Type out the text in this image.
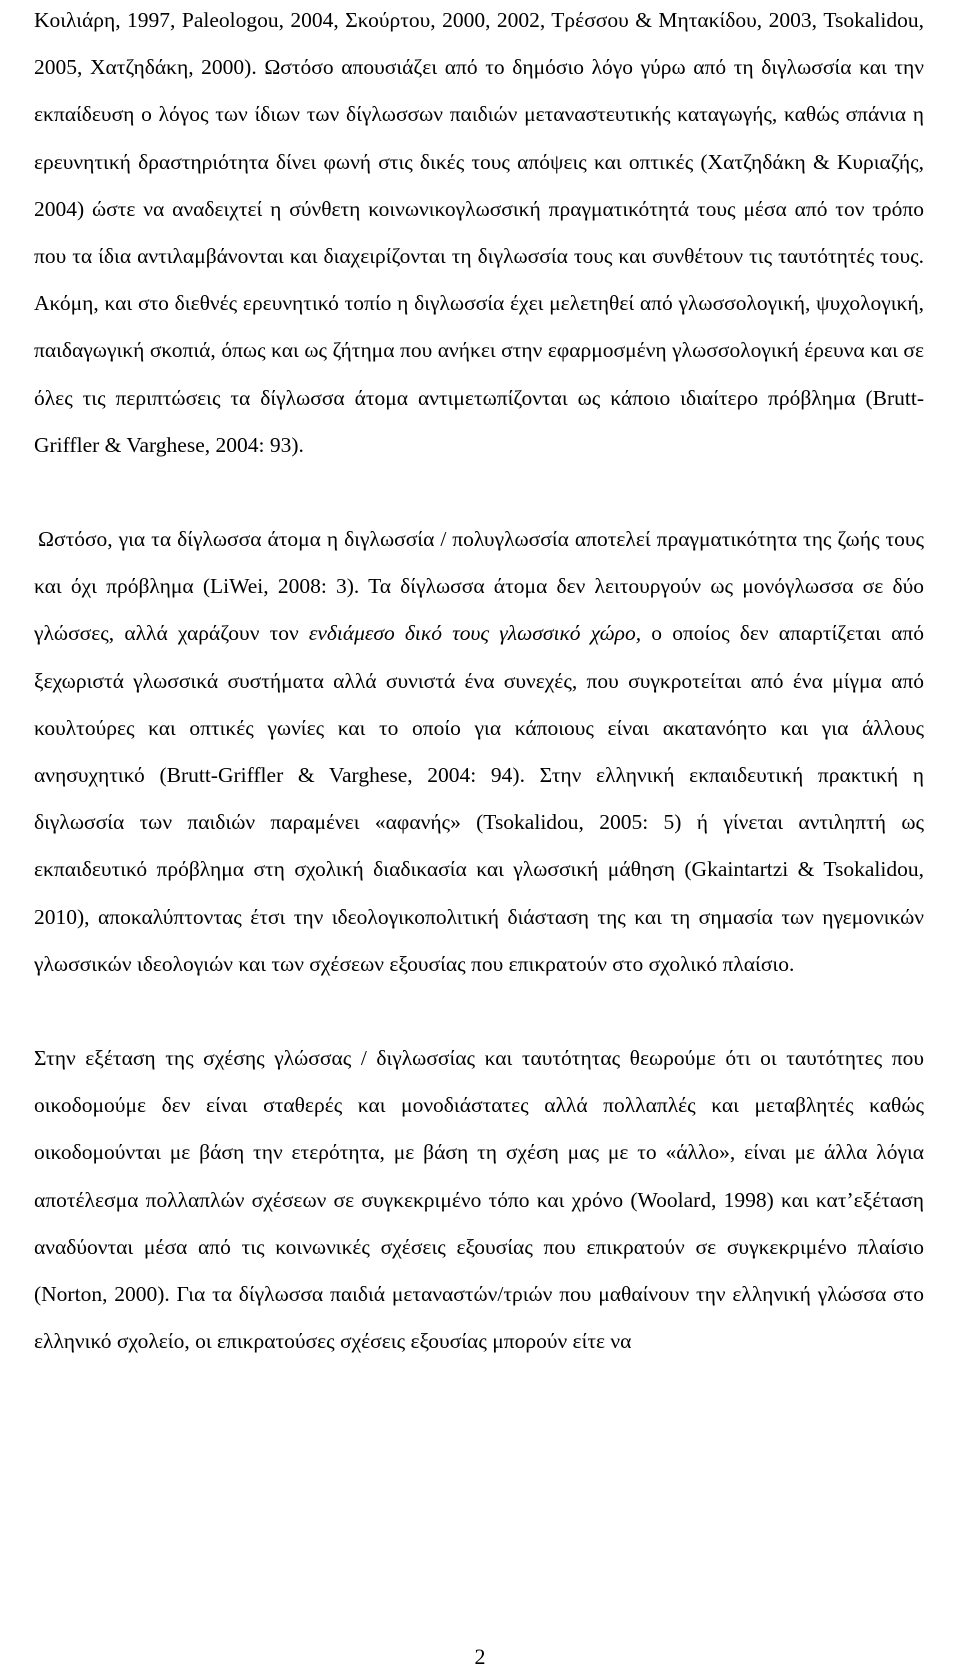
Κοιλιάρη, 1997, Paleologou, 2004, Σκούρτου, 2000, 2002, Τρέσσου & Μητακίδου, 2003, Tsokalidou, 2005, Χατζηδάκη, 2000). Ωστόσο απουσιάζει από το δημόσιο λόγο γύρω από τη διγλωσσία και την εκπαίδευση ο λόγος των ίδιων των δίγλωσσων παιδιών μεταναστευτικής καταγωγής, καθώς σπάνια η ερευνητική δραστηριότητα δίνει φωνή στις δικές τους απόψεις και οπτικές (Χατζηδάκη & Κυριαζής, 2004) ώστε να αναδειχτεί η σύνθετη κοινωνικογλωσσική πραγματικότητά τους μέσα από τον τρόπο που τα ίδια αντιλαμβάνονται και διαχειρίζονται τη διγλωσσία τους και συνθέτουν τις ταυτότητές τους. Ακόμη, και στο διεθνές ερευνητικό τοπίο η διγλωσσία έχει μελετηθεί από γλωσσολογική, ψυχολογική, παιδαγωγική σκοπιά, όπως και ως ζήτημα που ανήκει στην εφαρμοσμένη γλωσσολογική έρευνα και σε όλες τις περιπτώσεις τα δίγλωσσα άτομα αντιμετωπίζονται ως κάποιο ιδιαίτερο πρόβλημα (Brutt-Griffler & Varghese, 2004: 93).

Ωστόσο, για τα δίγλωσσα άτομα η διγλωσσία / πολυγλωσσία αποτελεί πραγματικότητα της ζωής τους και όχι πρόβλημα (LiWei, 2008: 3). Τα δίγλωσσα άτομα δεν λειτουργούν ως μονόγλωσσα σε δύο γλώσσες, αλλά χαράζουν τον ενδιάμεσο δικό τους γλωσσικό χώρο, ο οποίος δεν απαρτίζεται από ξεχωριστά γλωσσικά συστήματα αλλά συνιστά ένα συνεχές, που συγκροτείται από ένα μίγμα από κουλτούρες και οπτικές γωνίες και το οποίο για κάποιους είναι ακατανόητο και για άλλους ανησυχητικό (Brutt-Griffler & Varghese, 2004: 94). Στην ελληνική εκπαιδευτική πρακτική η διγλωσσία των παιδιών παραμένει «αφανής» (Tsokalidou, 2005: 5) ή γίνεται αντιληπτή ως εκπαιδευτικό πρόβλημα στη σχολική διαδικασία και γλωσσική μάθηση (Gkaintartzi & Tsokalidou, 2010), αποκαλύπτοντας έτσι την ιδεολογικοπολιτική διάσταση της και τη σημασία των ηγεμονικών γλωσσικών ιδεολογιών και των σχέσεων εξουσίας που επικρατούν στο σχολικό πλαίσιο.

Στην εξέταση της σχέσης γλώσσας / διγλωσσίας και ταυτότητας θεωρούμε ότι οι ταυτότητες που οικοδομούμε δεν είναι σταθερές και μονοδιάστατες αλλά πολλαπλές και μεταβλητές καθώς οικοδομούνται με βάση την ετερότητα, με βάση τη σχέση μας με το «άλλο», είναι με άλλα λόγια αποτέλεσμα πολλαπλών σχέσεων σε συγκεκριμένο τόπο και χρόνο (Woolard, 1998) και κατ’εξέταση αναδύονται μέσα από τις κοινωνικές σχέσεις εξουσίας που επικρατούν σε συγκεκριμένο πλαίσιο (Norton, 2000). Για τα δίγλωσσα παιδιά μεταναστών/τριών που μαθαίνουν την ελληνική γλώσσα στο ελληνικό σχολείο, οι επικρατούσες σχέσεις εξουσίας μπορούν είτε να

2
